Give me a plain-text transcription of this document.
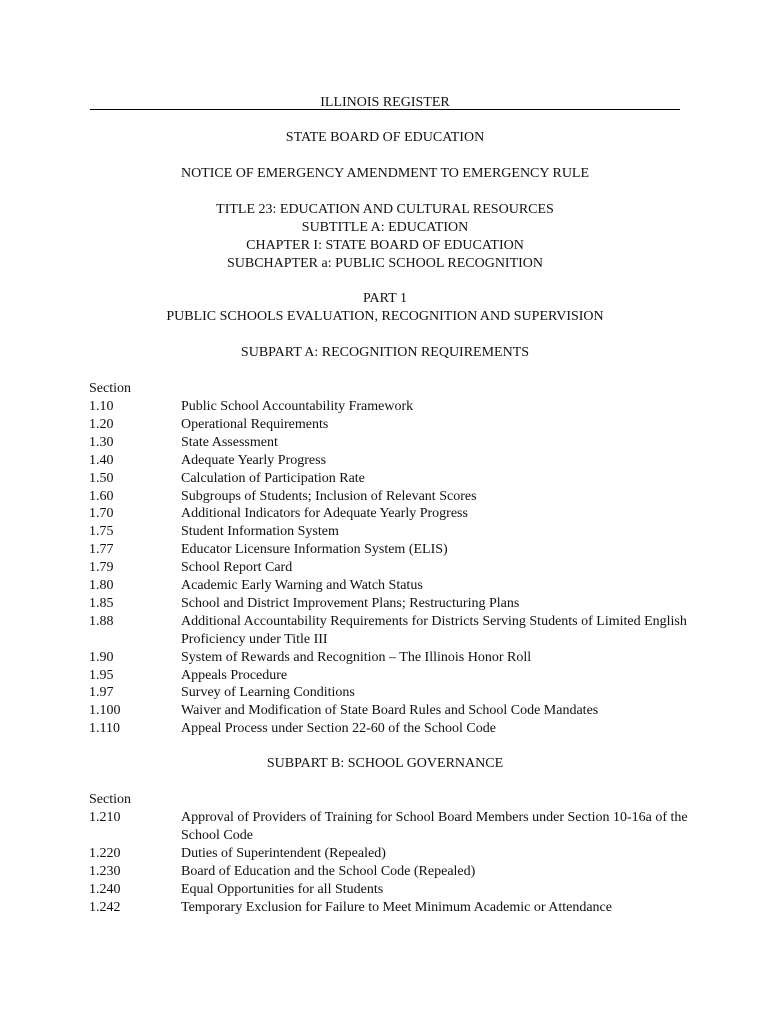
ILLINOIS REGISTER
STATE BOARD OF EDUCATION
NOTICE OF EMERGENCY AMENDMENT TO EMERGENCY RULE
TITLE 23: EDUCATION AND CULTURAL RESOURCES
SUBTITLE A: EDUCATION
CHAPTER I: STATE BOARD OF EDUCATION
SUBCHAPTER a: PUBLIC SCHOOL RECOGNITION
PART 1
PUBLIC SCHOOLS EVALUATION, RECOGNITION AND SUPERVISION
SUBPART A: RECOGNITION REQUIREMENTS
Section
1.10	Public School Accountability Framework
1.20	Operational Requirements
1.30	State Assessment
1.40	Adequate Yearly Progress
1.50	Calculation of Participation Rate
1.60	Subgroups of Students; Inclusion of Relevant Scores
1.70	Additional Indicators for Adequate Yearly Progress
1.75	Student Information System
1.77	Educator Licensure Information System (ELIS)
1.79	School Report Card
1.80	Academic Early Warning and Watch Status
1.85	School and District Improvement Plans; Restructuring Plans
1.88	Additional Accountability Requirements for Districts Serving Students of Limited English Proficiency under Title III
1.90	System of Rewards and Recognition – The Illinois Honor Roll
1.95	Appeals Procedure
1.97	Survey of Learning Conditions
1.100	Waiver and Modification of State Board Rules and School Code Mandates
1.110	Appeal Process under Section 22-60 of the School Code
SUBPART B: SCHOOL GOVERNANCE
Section
1.210	Approval of Providers of Training for School Board Members under Section 10-16a of the School Code
1.220	Duties of Superintendent (Repealed)
1.230	Board of Education and the School Code (Repealed)
1.240	Equal Opportunities for all Students
1.242	Temporary Exclusion for Failure to Meet Minimum Academic or Attendance
